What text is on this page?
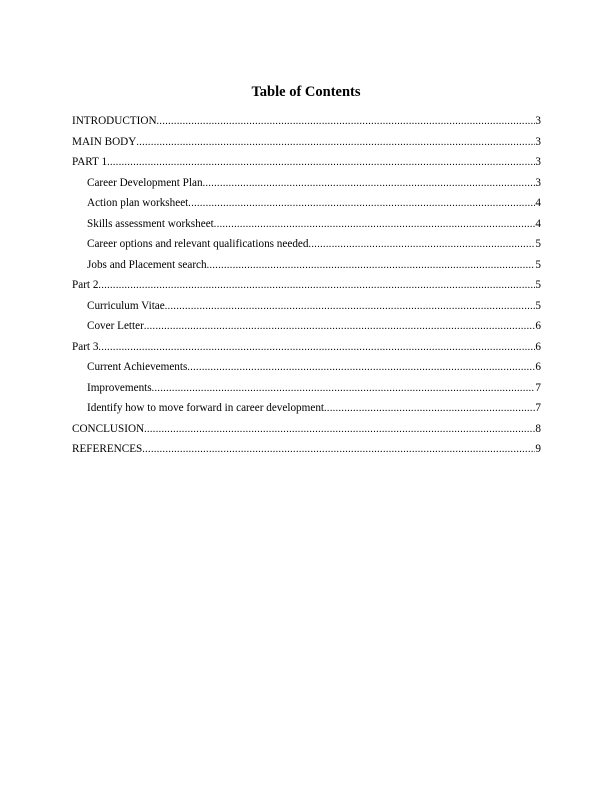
Table of Contents
INTRODUCTION .....	3
MAIN BODY .....	3
PART 1 .....	3
Career Development Plan .....	3
Action plan worksheet .....	4
Skills assessment worksheet .....	4
Career options and relevant qualifications needed .....	5
Jobs and Placement search .....	5
Part 2 .....	5
Curriculum Vitae .....	5
Cover Letter .....	6
Part 3 .....	6
Current Achievements .....	6
Improvements .....	7
Identify how to move forward in career development .....	7
CONCLUSION .....	8
REFERENCES .....	9
